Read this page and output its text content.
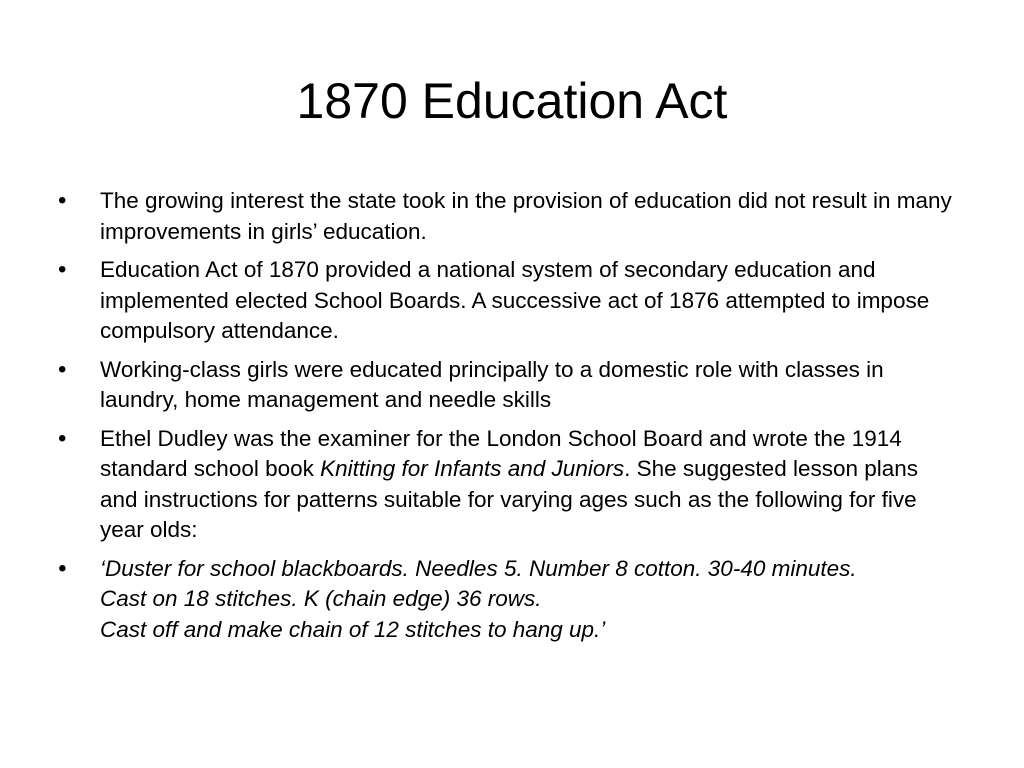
1870 Education Act
•	The growing interest the state took in the provision of education did not result in many improvements in girls’ education.
•	Education Act of 1870 provided a national system of secondary education and implemented elected School Boards. A successive act of 1876 attempted to impose compulsory attendance.
•	Working-class girls were educated principally to a domestic role with classes in laundry, home management and needle skills
•	Ethel Dudley was the examiner for the London School Board and wrote the 1914 standard school book Knitting for Infants and Juniors. She suggested lesson plans and instructions for patterns suitable for varying ages such as the following for five year olds:
•	‘Duster for school blackboards. Needles 5. Number 8 cotton. 30-40 minutes.
Cast on 18 stitches. K (chain edge) 36 rows.
Cast off and make chain of 12 stitches to hang up.’
